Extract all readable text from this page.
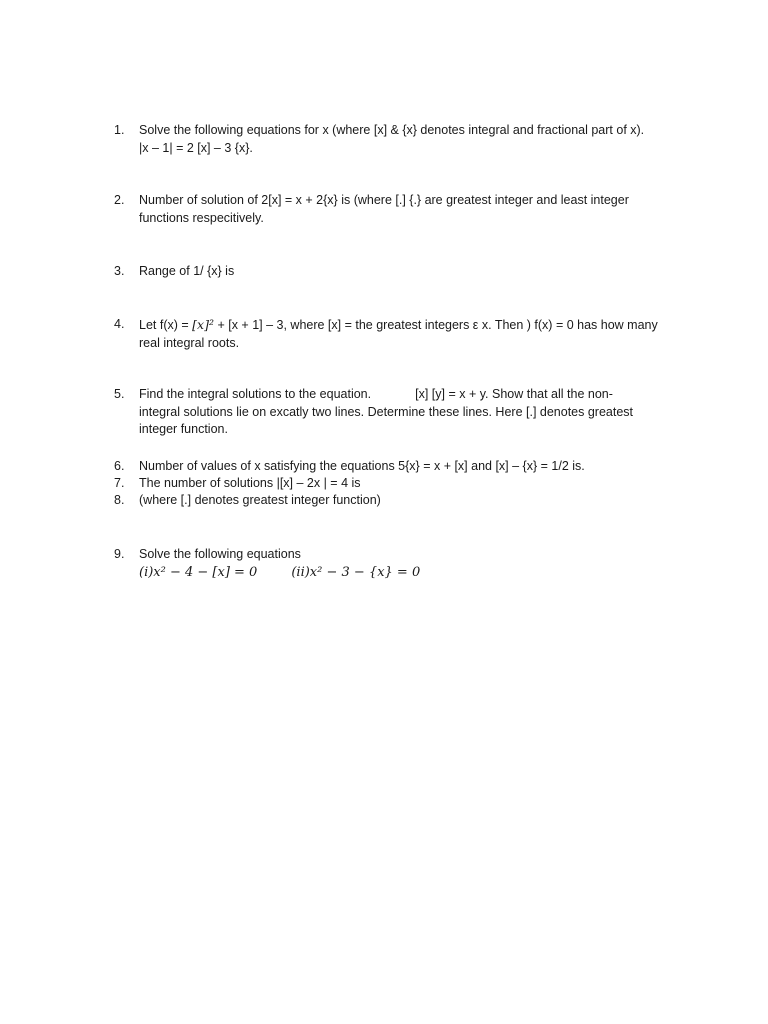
1.	Solve the following equations for x (where [x] & {x} denotes integral and fractional part of x).
|x – 1| = 2 [x] – 3 {x}.
2.	Number of solution of 2[x] = x + 2{x} is (where [.] {.} are greatest integer and least integer
functions respecitively.
3.	Range of 1/ {x} is
4.	Let f(x) = [x]² + [x + 1] – 3, where [x] = the greatest integers ε x. Then ) f(x) = 0 has how many
real integral roots.
5.	Find the integral solutions to the equation.	[x] [y] = x + y. Show that all the non-
integral solutions lie on excatly two lines. Determine these lines. Here [.] denotes greatest
integer function.
6.	Number of values of x satisfying the equations 5{x} = x + [x] and [x] – {x} = 1/2 is.
7.	The number of solutions |[x] – 2x | = 4 is
8.	(where [.] denotes greatest integer function)
9.	Solve the following equations
(i)x² − 4 − [x] = 0	(ii)x² − 3 − {x} = 0
